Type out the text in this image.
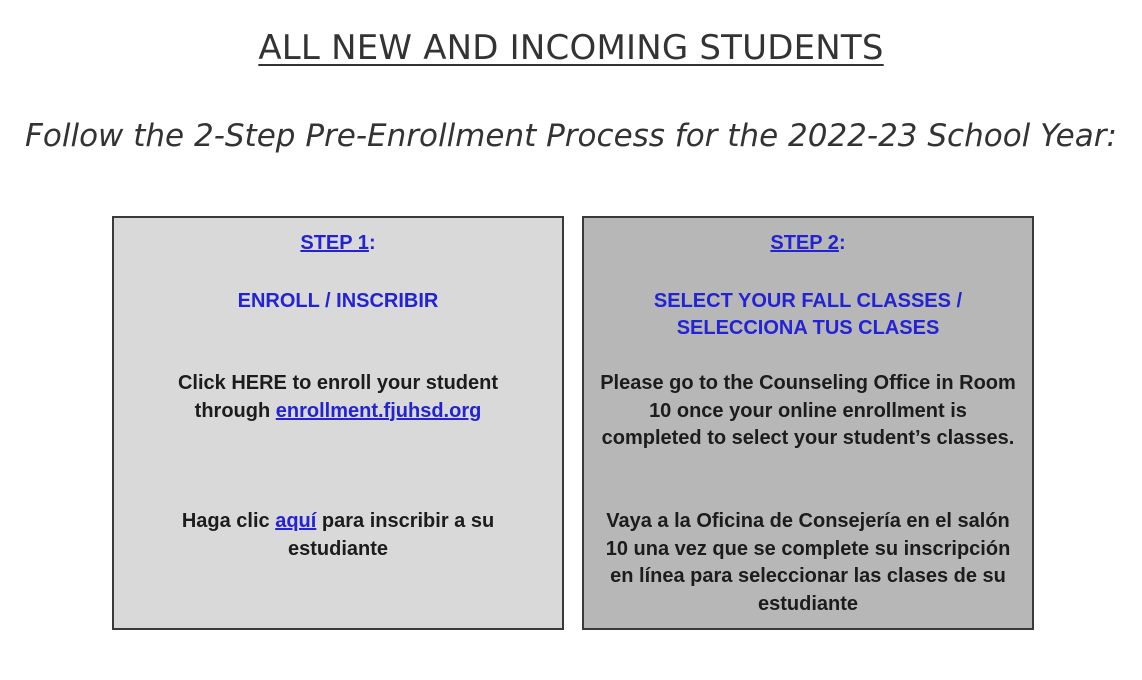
ALL NEW AND INCOMING STUDENTS
Follow the 2-Step Pre-Enrollment Process for the 2022-23 School Year:
STEP 1:
ENROLL / INSCRIBIR
Click HERE to enroll your student through enrollment.fjuhsd.org
Haga clic aquí para inscribir a su estudiante
STEP 2:
SELECT YOUR FALL CLASSES /
SELECCIONA TUS CLASES
Please go to the Counseling Office in Room 10 once your online enrollment is completed to select your student’s classes.
Vaya a la Oficina de Consejería en el salón 10 una vez que se complete su inscripción en línea para seleccionar las clases de su estudiante
